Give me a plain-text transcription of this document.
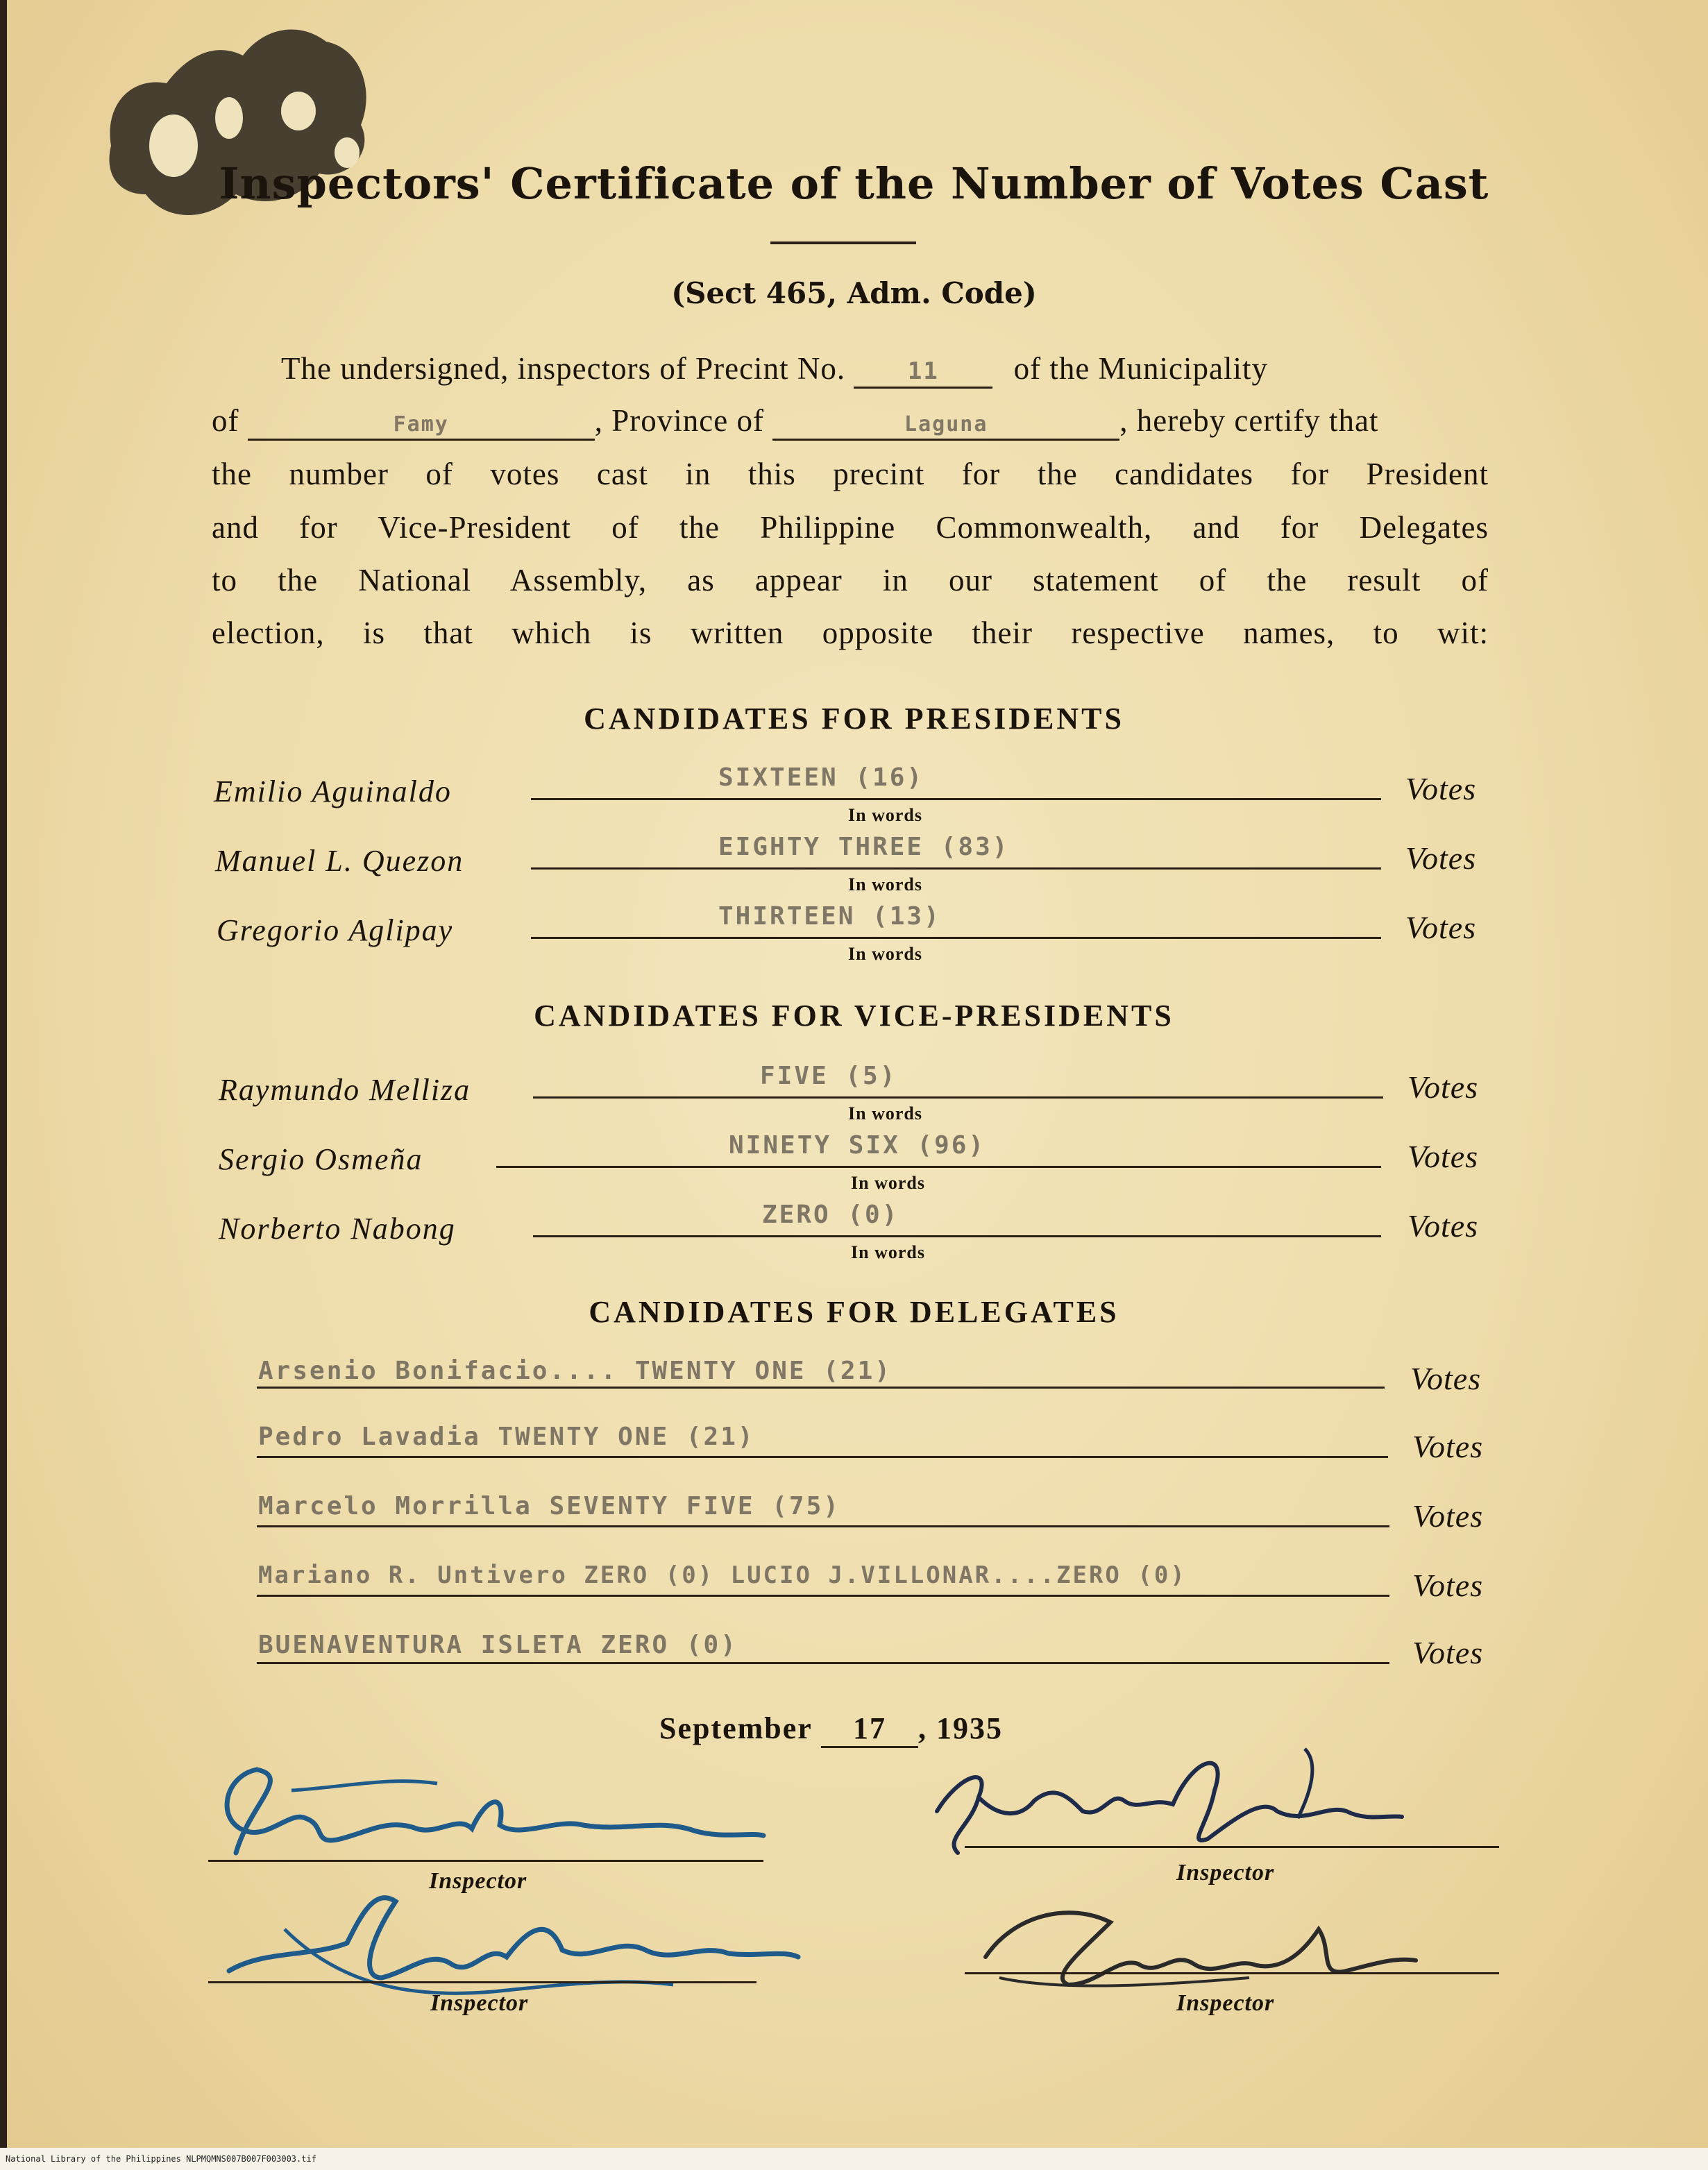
Inspectors' Certificate of the Number of Votes Cast
(Sect 465, Adm. Code)
The undersigned, inspectors of Precint No.	11 of the Municipality
of	Famy	, Province of	Laguna	, hereby certify that
the number of votes cast in this precint for the candidates for President
and for Vice-President of the Philippine Commonwealth, and for Delegates
to the National Assembly, as appear in our statement of the result of
election, is that which is written opposite their respective names, to wit:
CANDIDATES FOR PRESIDENTS
Emilio Aguinaldo	SIXTEEN (16)	Votes
In words
Manuel L. Quezon	EIGHTY THREE (83)	Votes
In words
Gregorio Aglipay	THIRTEEN (13)	Votes
In words
CANDIDATES FOR VICE-PRESIDENTS
Raymundo Melliza	FIVE (5)	Votes
In words
Sergio Osmeña	NINETY SIX (96)	Votes
In words
Norberto Nabong	ZERO (0)	Votes
In words
CANDIDATES FOR DELEGATES
Arsenio Bonifacio.... TWENTY ONE (21)	Votes
Pedro Lavadia TWENTY ONE (21)	Votes
Marcelo Morrilla SEVENTY FIVE (75)	Votes
Mariano R. Untivero ZERO (0) LUCIO J.VILLONAR....ZERO (0)	Votes
BUENAVENTURA ISLETA ZERO (0)	Votes
September 17 , 1935
Inspector	Inspector
Inspector	Inspector
National Library of the Philippines NLPMQMNS007B007F003003.tif
